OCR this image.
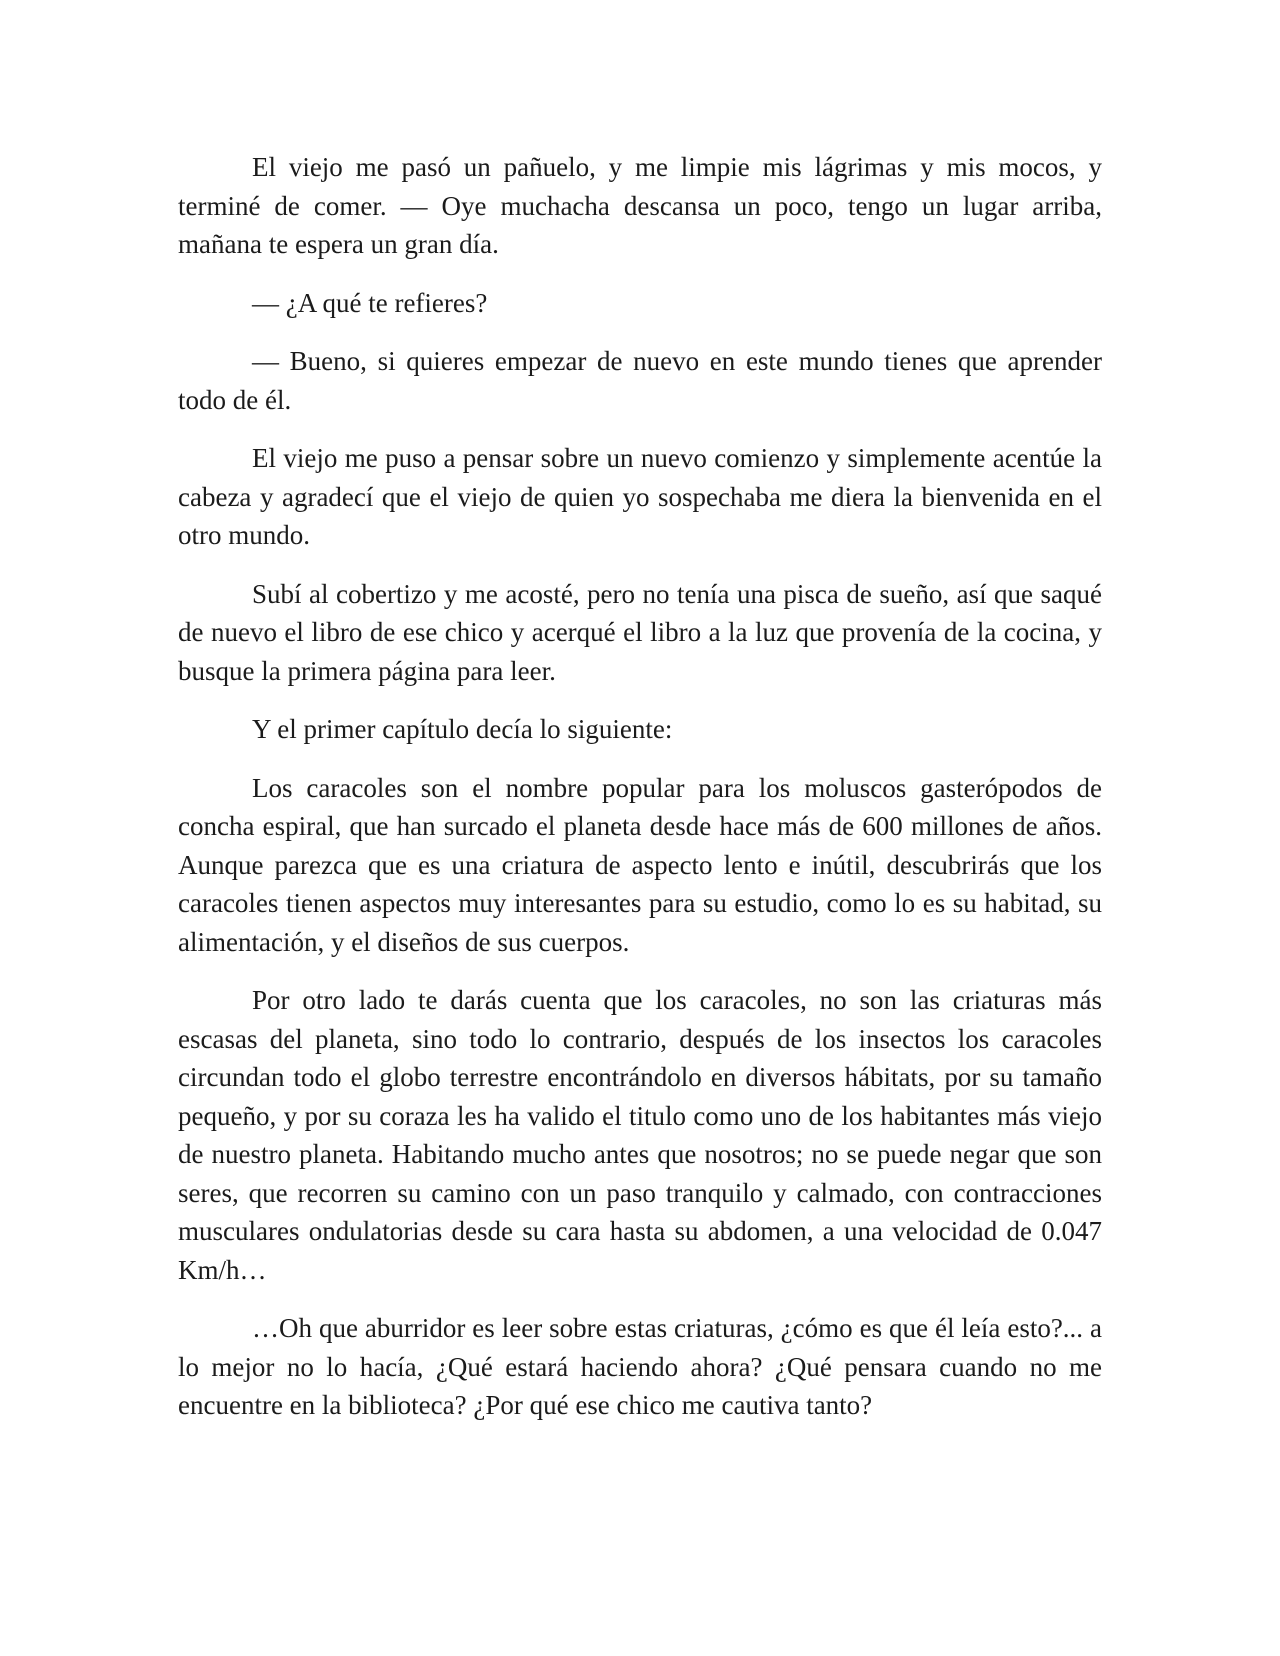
El viejo me pasó un pañuelo, y me limpie mis lágrimas y mis mocos, y terminé de comer. — Oye muchacha descansa un poco, tengo un lugar arriba, mañana te espera un gran día.

— ¿A qué te refieres?

— Bueno, si quieres empezar de nuevo en este mundo tienes que aprender todo de él.

El viejo me puso a pensar sobre un nuevo comienzo y simplemente acentúe la cabeza y agradecí que el viejo de quien yo sospechaba me diera la bienvenida en el otro mundo.

Subí al cobertizo y me acosté, pero no tenía una pisca de sueño, así que saqué de nuevo el libro de ese chico y acerqué el libro a la luz que provenía de la cocina, y busque la primera página para leer.

Y el primer capítulo decía lo siguiente:

Los caracoles son el nombre popular para los moluscos gasterópodos de concha espiral, que han surcado el planeta desde hace más de 600 millones de años. Aunque parezca que es una criatura de aspecto lento e inútil, descubrirás que los caracoles tienen aspectos muy interesantes para su estudio, como lo es su habitad, su alimentación, y el diseños de sus cuerpos.

Por otro lado te darás cuenta que los caracoles, no son las criaturas más escasas del planeta, sino todo lo contrario, después de los insectos los caracoles circundan todo el globo terrestre encontrándolo en diversos hábitats, por su tamaño pequeño, y por su coraza les ha valido el titulo como uno de los habitantes más viejo de nuestro planeta. Habitando mucho antes que nosotros; no se puede negar que son seres, que recorren su camino con un paso tranquilo y calmado, con contracciones musculares ondulatorias desde su cara hasta su abdomen, a una velocidad de 0.047 Km/h…

…Oh que aburridor es leer sobre estas criaturas, ¿cómo es que él leía esto?... a lo mejor no lo hacía, ¿Qué estará haciendo ahora? ¿Qué pensara cuando no me encuentre en la biblioteca? ¿Por qué ese chico me cautiva tanto?
